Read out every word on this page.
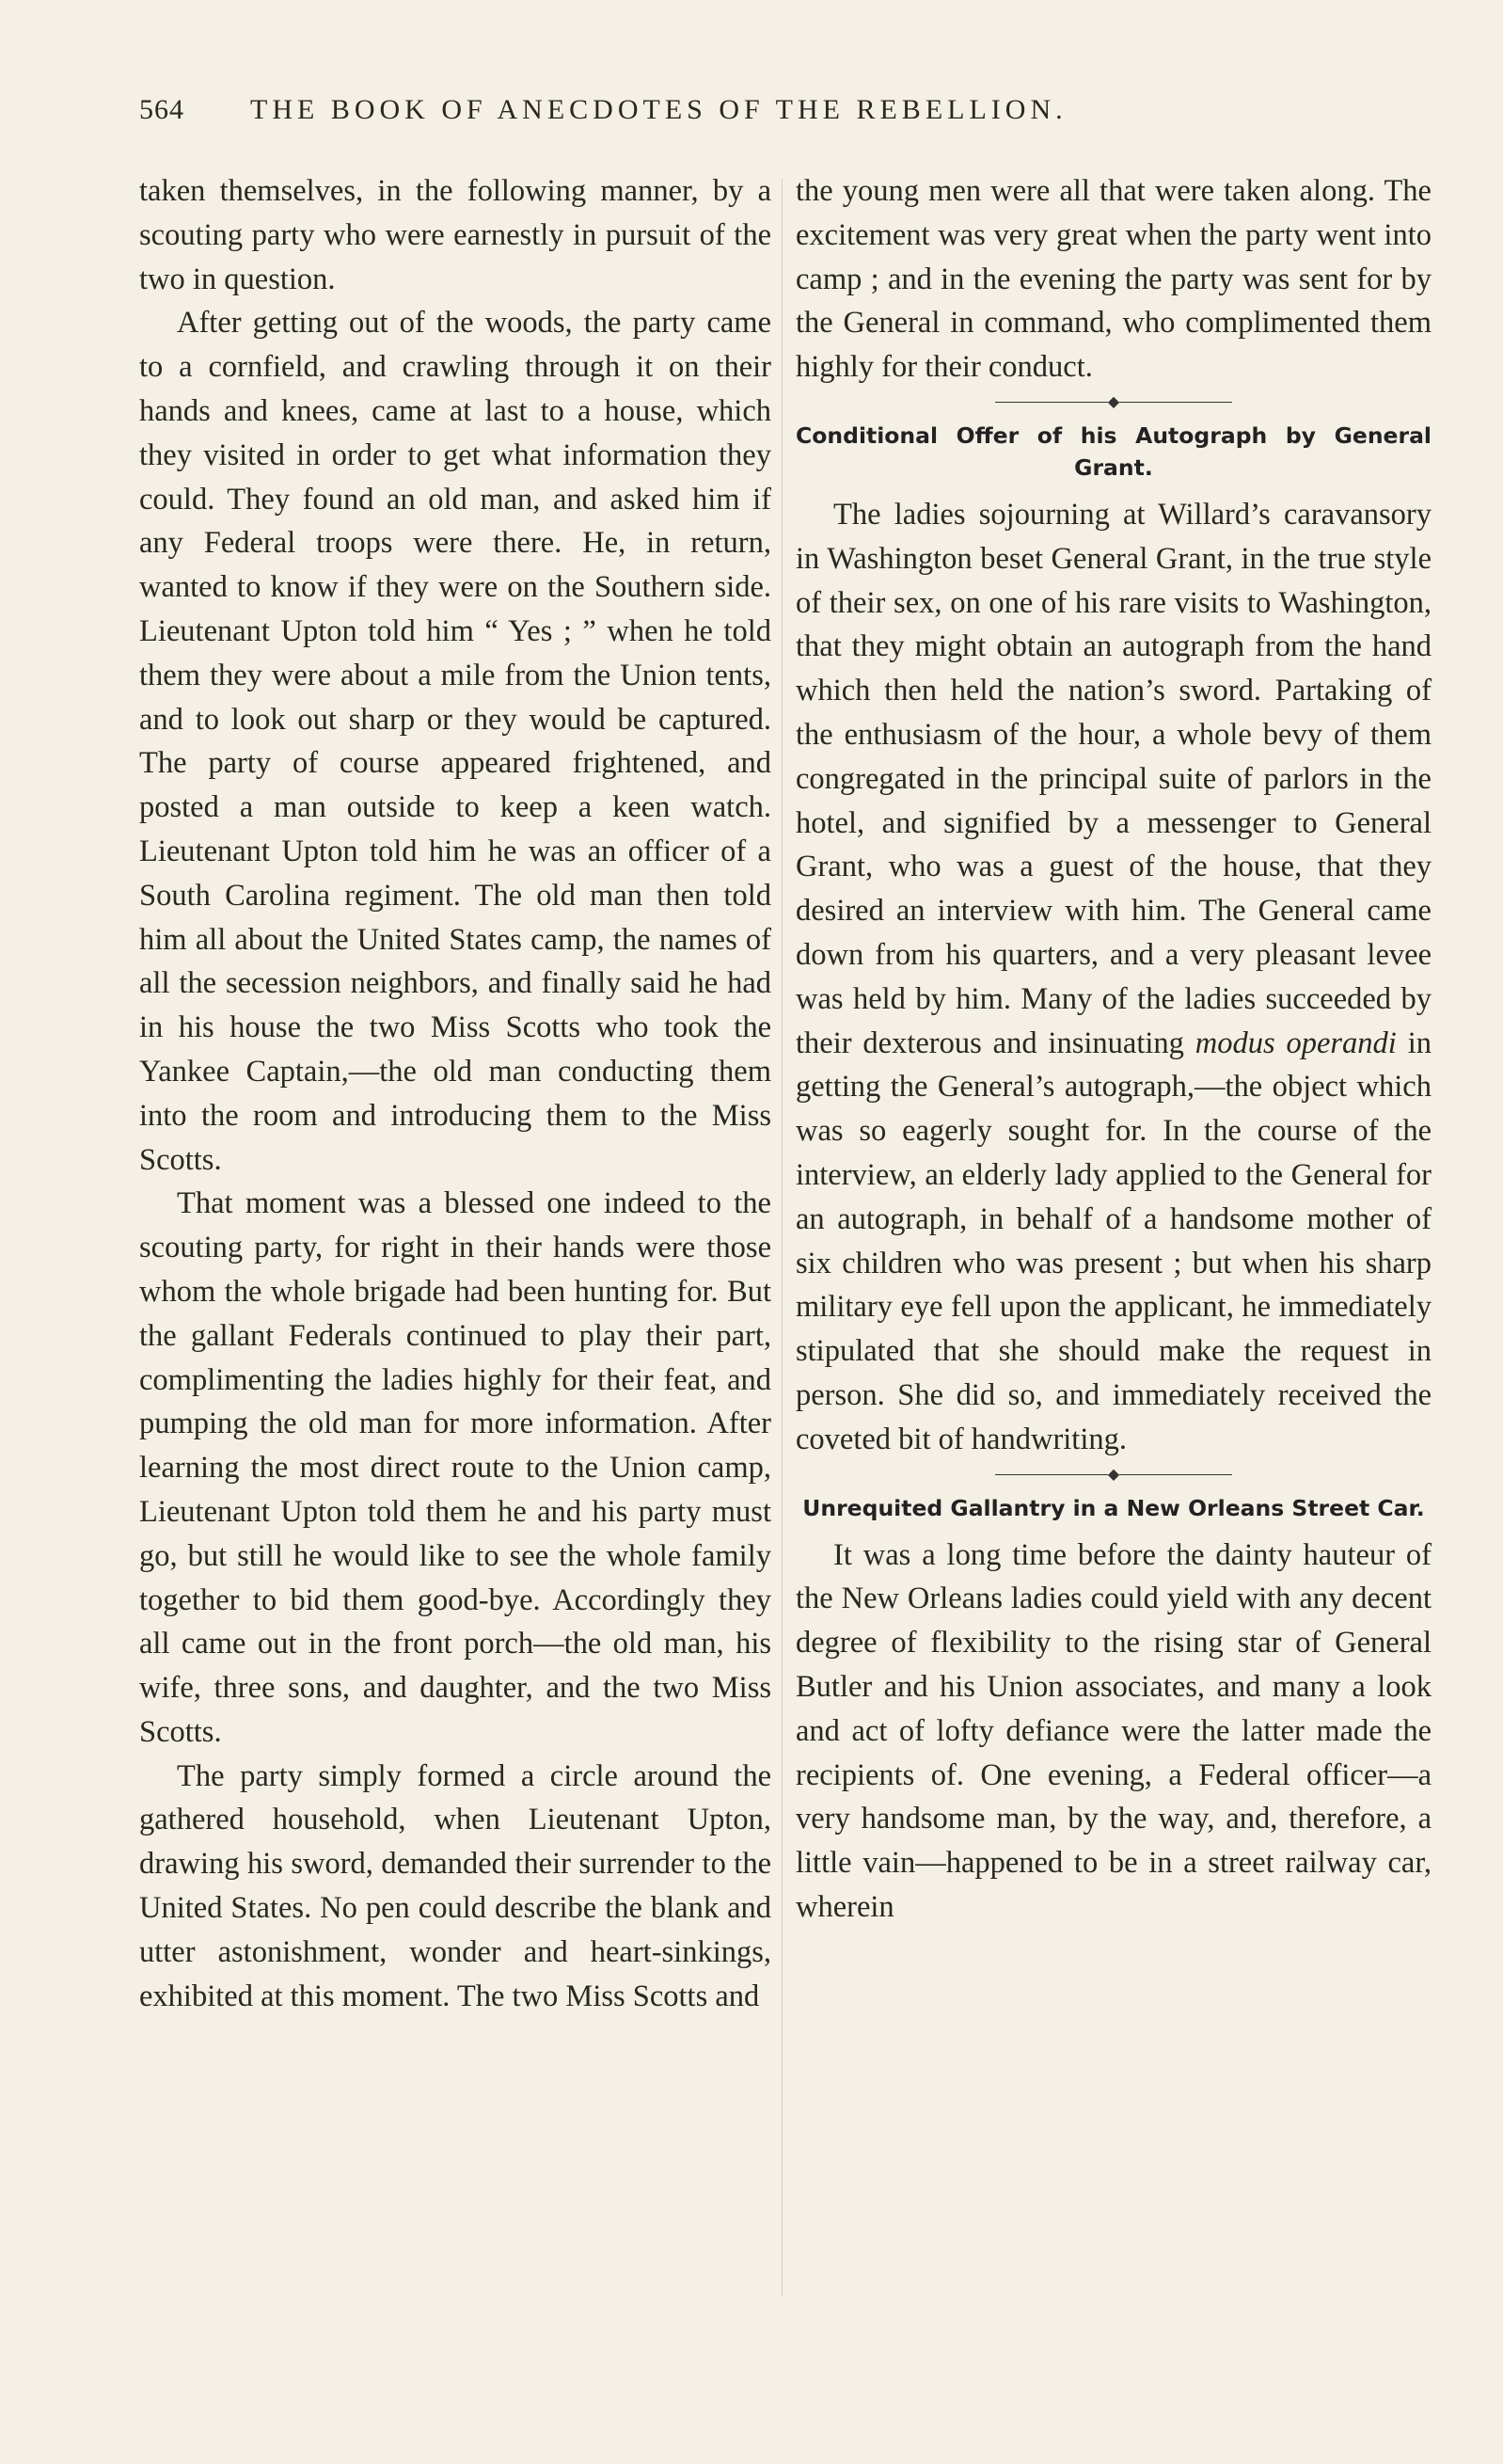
564 THE BOOK OF ANECDOTES OF THE REBELLION.

taken themselves, in the following manner, by a scouting party who were earnestly in pursuit of the two in question.

After getting out of the woods, the party came to a cornfield, and crawling through it on their hands and knees, came at last to a house, which they visited in order to get what information they could. They found an old man, and asked him if any Federal troops were there. He, in return, wanted to know if they were on the Southern side. Lieutenant Upton told him “ Yes ; ” when he told them they were about a mile from the Union tents, and to look out sharp or they would be captured. The party of course appeared frightened, and posted a man outside to keep a keen watch. Lieutenant Upton told him he was an officer of a South Carolina regiment. The old man then told him all about the United States camp, the names of all the secession neighbors, and finally said he had in his house the two Miss Scotts who took the Yankee Captain,—the old man conducting them into the room and introducing them to the Miss Scotts.

That moment was a blessed one indeed to the scouting party, for right in their hands were those whom the whole brigade had been hunting for. But the gallant Federals continued to play their part, complimenting the ladies highly for their feat, and pumping the old man for more information. After learning the most direct route to the Union camp, Lieutenant Upton told them he and his party must go, but still he would like to see the whole family together to bid them good-bye. Accordingly they all came out in the front porch—the old man, his wife, three sons, and daughter, and the two Miss Scotts.

The party simply formed a circle around the gathered household, when Lieutenant Upton, drawing his sword, demanded their surrender to the United States. No pen could describe the blank and utter astonishment, wonder and heart-sinkings, exhibited at this moment. The two Miss Scotts and

the young men were all that were taken along. The excitement was very great when the party went into camp ; and in the evening the party was sent for by the General in command, who complimented them highly for their conduct.

◆
Conditional Offer of his Autograph by General Grant.

The ladies sojourning at Willard’s caravansory in Washington beset General Grant, in the true style of their sex, on one of his rare visits to Washington, that they might obtain an autograph from the hand which then held the nation’s sword. Partaking of the enthusiasm of the hour, a whole bevy of them congregated in the principal suite of parlors in the hotel, and signified by a messenger to General Grant, who was a guest of the house, that they desired an interview with him. The General came down from his quarters, and a very pleasant levee was held by him. Many of the ladies succeeded by their dexterous and insinuating modus operandi in getting the General’s autograph,—the object which was so eagerly sought for. In the course of the interview, an elderly lady applied to the General for an autograph, in behalf of a handsome mother of six children who was present ; but when his sharp military eye fell upon the applicant, he immediately stipulated that she should make the request in person. She did so, and immediately received the coveted bit of handwriting.

◆
Unrequited Gallantry in a New Orleans Street Car.

It was a long time before the dainty hauteur of the New Orleans ladies could yield with any decent degree of flexibility to the rising star of General Butler and his Union associates, and many a look and act of lofty defiance were the latter made the recipients of. One evening, a Federal officer—a very handsome man, by the way, and, therefore, a little vain—happened to be in a street railway car, wherein
